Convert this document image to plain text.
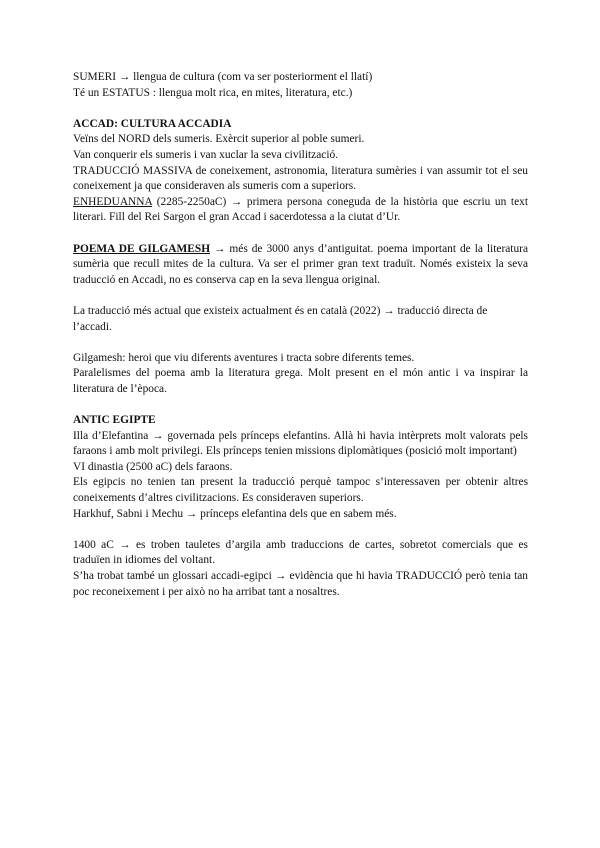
SUMERI → llengua de cultura (com va ser posteriorment el llatí)

Té un ESTATUS : llengua molt rica, en mites, literatura, etc.)

ACCAD: CULTURA ACCADIA

Veïns del NORD dels sumeris. Exèrcit superior al poble sumeri.

Van conquerir els sumeris i van xuclar la seva civilització.

TRADUCCIÓ MASSIVA de coneixement, astronomia, literatura sumèries i van assumir tot el seu coneixement ja que consideraven als sumeris com a superiors.

ENHEDUANNA (2285-2250aC) → primera persona coneguda de la història que escriu un text literari. Fill del Rei Sargon el gran Accad i sacerdotessa a la ciutat d’Ur.

POEMA DE GILGAMESH → més de 3000 anys d’antiguitat. poema important de la literatura sumèria que recull mites de la cultura. Va ser el primer gran text traduït. Només existeix la seva traducció en Accadi, no es conserva cap en la seva llengua original.

La traducció més actual que existeix actualment és en català (2022) → traducció directa de l’accadi.

Gilgamesh: heroi que viu diferents aventures i tracta sobre diferents temes.

Paralelismes del poema amb la literatura grega. Molt present en el món antic i va inspirar la literatura de l’època.

ANTIC EGIPTE

Illa d’Elefantina → governada pels prínceps elefantins. Allà hi havia intèrprets molt valorats pels faraons i amb molt privilegi. Els prínceps tenien missions diplomàtiques (posició molt important)

VI dinastia (2500 aC) dels faraons.

Els egipcis no tenien tan present la traducció perquè tampoc s’interessaven per obtenir altres coneixements d’altres civilitzacions. Es consideraven superiors.

Harkhuf, Sabni i Mechu → prínceps elefantina dels que en sabem més.

1400 aC → es troben tauletes d’argila amb traduccions de cartes, sobretot comercials que es traduïen in idiomes del voltant.

S’ha trobat també un glossari accadi-egipci → evidència que hi havia TRADUCCIÓ però tenia tan poc reconeixement i per això no ha arribat tant a nosaltres.
